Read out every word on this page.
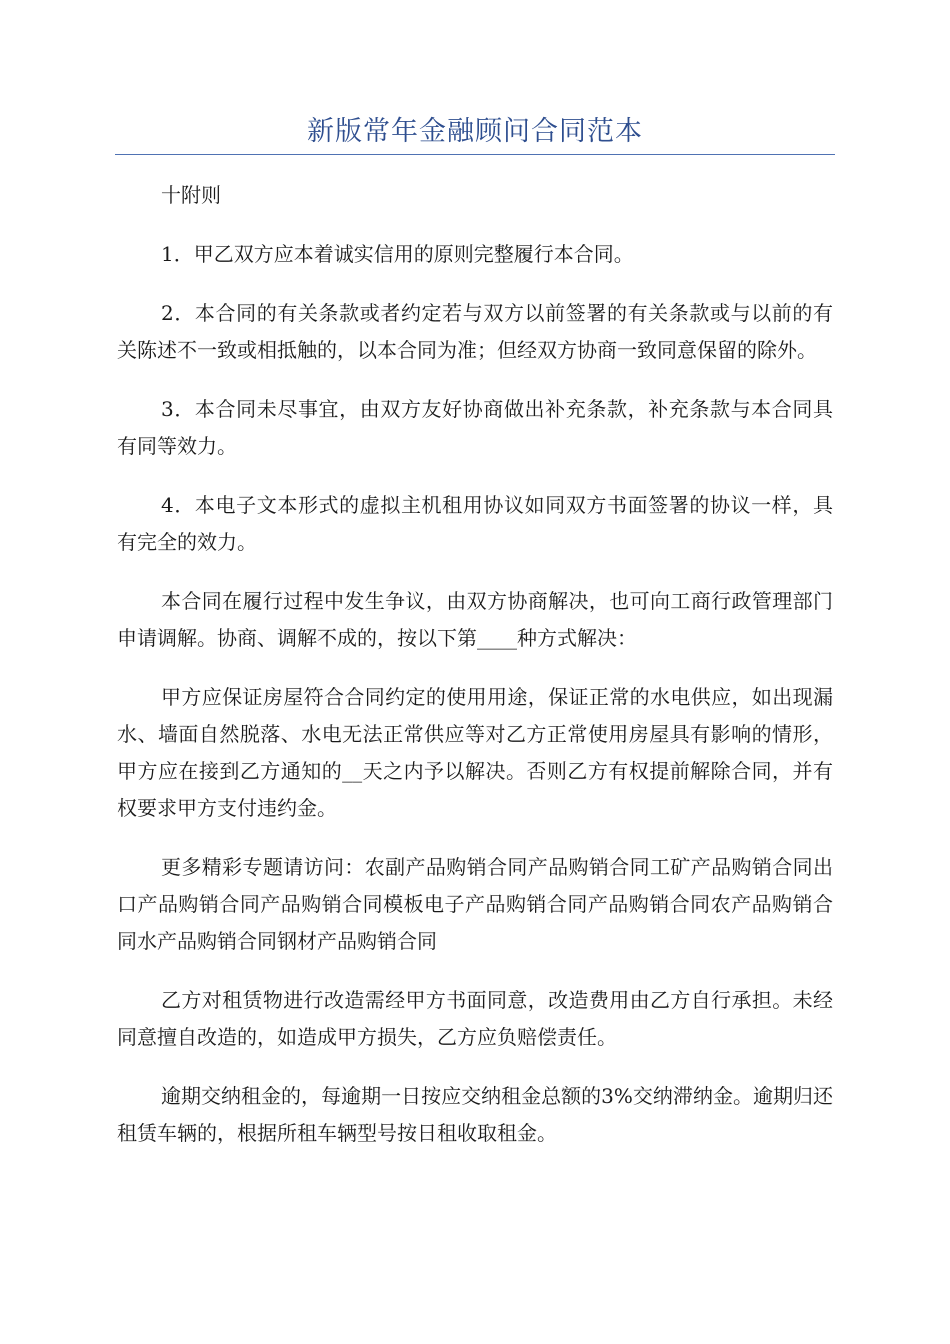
新版常年金融顾问合同范本

十附则

1．甲乙双方应本着诚实信用的原则完整履行本合同。

2．本合同的有关条款或者约定若与双方以前签署的有关条款或与以前的有关陈述不一致或相抵触的，以本合同为准；但经双方协商一致同意保留的除外。

3．本合同未尽事宜，由双方友好协商做出补充条款，补充条款与本合同具有同等效力。

4．本电子文本形式的虚拟主机租用协议如同双方书面签署的协议一样，具有完全的效力。

本合同在履行过程中发生争议，由双方协商解决，也可向工商行政管理部门申请调解。协商、调解不成的，按以下第____种方式解决：

甲方应保证房屋符合合同约定的使用用途，保证正常的水电供应，如出现漏水、墙面自然脱落、水电无法正常供应等对乙方正常使用房屋具有影响的情形，甲方应在接到乙方通知的__天之内予以解决。否则乙方有权提前解除合同，并有权要求甲方支付违约金。

更多精彩专题请访问：农副产品购销合同产品购销合同工矿产品购销合同出口产品购销合同产品购销合同模板电子产品购销合同产品购销合同农产品购销合同水产品购销合同钢材产品购销合同

乙方对租赁物进行改造需经甲方书面同意，改造费用由乙方自行承担。未经同意擅自改造的，如造成甲方损失，乙方应负赔偿责任。

逾期交纳租金的，每逾期一日按应交纳租金总额的3%交纳滞纳金。逾期归还租赁车辆的，根据所租车辆型号按日租收取租金。
